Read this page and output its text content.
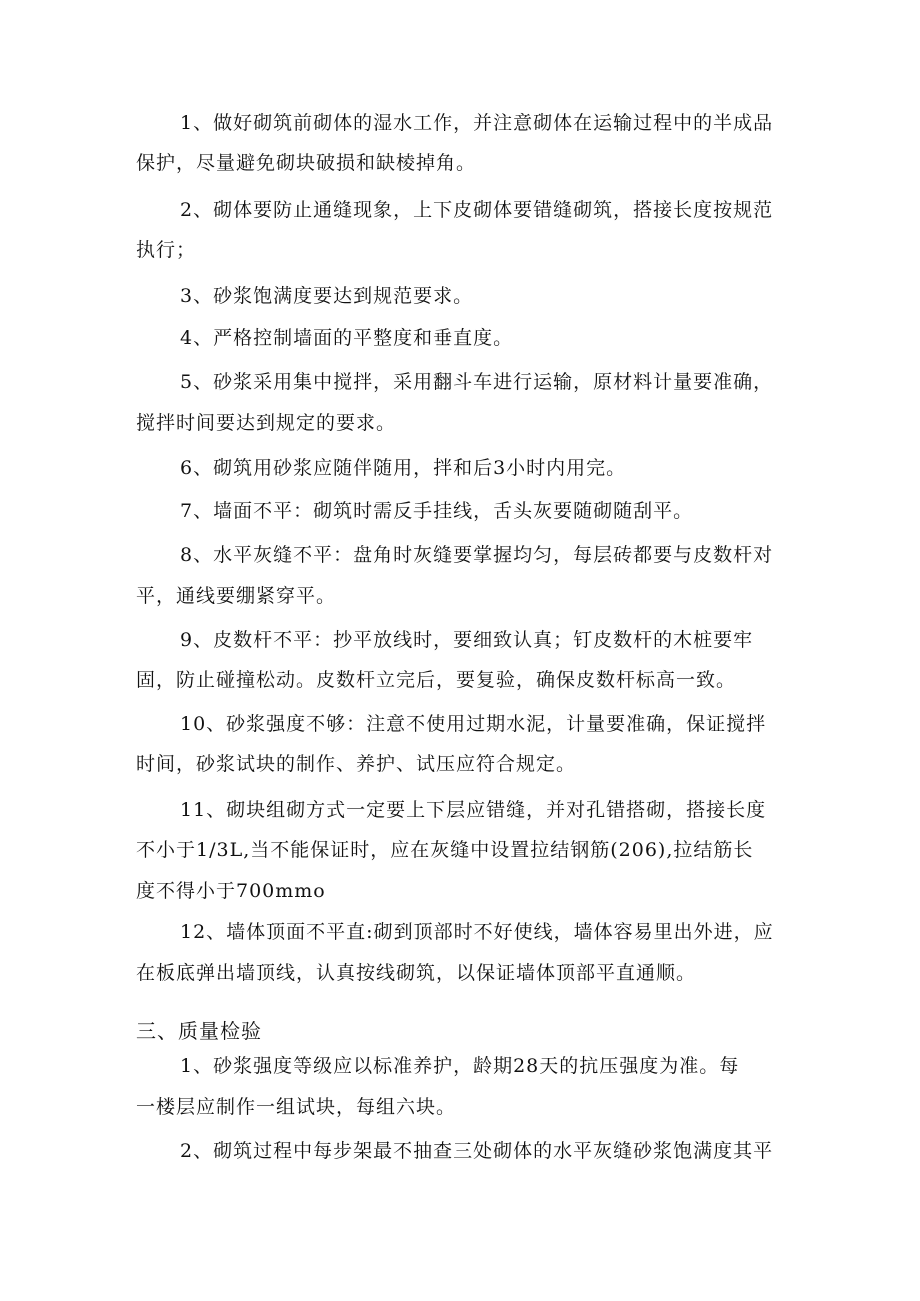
1、做好砌筑前砌体的湿水工作，并注意砌体在运输过程中的半成品
保护，尽量避免砌块破损和缺棱掉角。
2、砌体要防止通缝现象，上下皮砌体要错缝砌筑，搭接长度按规范
执行；
3、砂浆饱满度要达到规范要求。
4、严格控制墙面的平整度和垂直度。
5、砂浆采用集中搅拌，采用翻斗车进行运输，原材料计量要准确，
搅拌时间要达到规定的要求。
6、砌筑用砂浆应随伴随用，拌和后3小时内用完。
7、墙面不平：砌筑时需反手挂线，舌头灰要随砌随刮平。
8、水平灰缝不平：盘角时灰缝要掌握均匀，每层砖都要与皮数杆对
平，通线要绷紧穿平。
9、皮数杆不平：抄平放线时，要细致认真；钉皮数杆的木桩要牢
固，防止碰撞松动。皮数杆立完后，要复验，确保皮数杆标高一致。
10、砂浆强度不够：注意不使用过期水泥，计量要准确，保证搅拌
时间，砂浆试块的制作、养护、试压应符合规定。
11、砌块组砌方式一定要上下层应错缝，并对孔错搭砌，搭接长度
不小于1/3L,当不能保证时，应在灰缝中设置拉结钢筋(206),拉结筋长
度不得小于700mmo
12、墙体顶面不平直:砌到顶部时不好使线，墙体容易里出外进，应
在板底弹出墙顶线，认真按线砌筑，以保证墙体顶部平直通顺。
三、质量检验
1、砂浆强度等级应以标准养护，龄期28天的抗压强度为准。每
一楼层应制作一组试块，每组六块。
2、砌筑过程中每步架最不抽查三处砌体的水平灰缝砂浆饱满度其平
